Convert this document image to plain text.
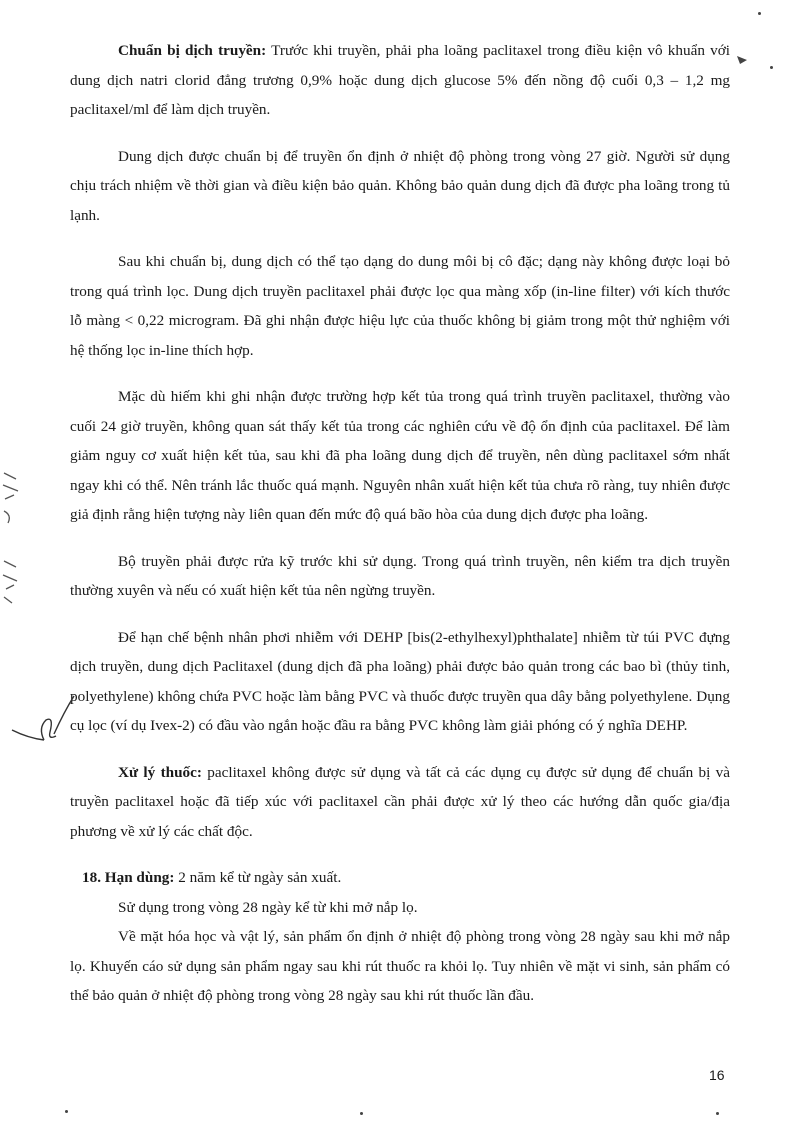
Chuẩn bị dịch truyền: Trước khi truyền, phải pha loãng paclitaxel trong điều kiện vô khuẩn với dung dịch natri clorid đẳng trương 0,9% hoặc dung dịch glucose 5% đến nồng độ cuối 0,3 – 1,2 mg paclitaxel/ml để làm dịch truyền.

Dung dịch được chuẩn bị để truyền ổn định ở nhiệt độ phòng trong vòng 27 giờ. Người sử dụng chịu trách nhiệm về thời gian và điều kiện bảo quản. Không bảo quản dung dịch đã được pha loãng trong tủ lạnh.

Sau khi chuẩn bị, dung dịch có thể tạo dạng do dung môi bị cô đặc; dạng này không được loại bỏ trong quá trình lọc. Dung dịch truyền paclitaxel phải được lọc qua màng xốp (in-line filter) với kích thước lỗ màng < 0,22 microgram. Đã ghi nhận được hiệu lực của thuốc không bị giảm trong một thử nghiệm với hệ thống lọc in-line thích hợp.

Mặc dù hiếm khi ghi nhận được trường hợp kết tủa trong quá trình truyền paclitaxel, thường vào cuối 24 giờ truyền, không quan sát thấy kết tủa trong các nghiên cứu về độ ổn định của paclitaxel. Để làm giảm nguy cơ xuất hiện kết tủa, sau khi đã pha loãng dung dịch để truyền, nên dùng paclitaxel sớm nhất ngay khi có thể. Nên tránh lắc thuốc quá mạnh. Nguyên nhân xuất hiện kết tủa chưa rõ ràng, tuy nhiên được giả định rằng hiện tượng này liên quan đến mức độ quá bão hòa của dung dịch được pha loãng.

Bộ truyền phải được rửa kỹ trước khi sử dụng. Trong quá trình truyền, nên kiểm tra dịch truyền thường xuyên và nếu có xuất hiện kết tủa nên ngừng truyền.

Để hạn chế bệnh nhân phơi nhiễm với DEHP [bis(2-ethylhexyl)phthalate] nhiễm từ túi PVC đựng dịch truyền, dung dịch Paclitaxel (dung dịch đã pha loãng) phải được bảo quản trong các bao bì (thủy tinh, polyethylene) không chứa PVC hoặc làm bằng PVC và thuốc được truyền qua dây bằng polyethylene. Dụng cụ lọc (ví dụ Ivex-2) có đầu vào ngắn hoặc đầu ra bằng PVC không làm giải phóng có ý nghĩa DEHP.

Xử lý thuốc: paclitaxel không được sử dụng và tất cả các dụng cụ được sử dụng để chuẩn bị và truyền paclitaxel hoặc đã tiếp xúc với paclitaxel cần phải được xử lý theo các hướng dẫn quốc gia/địa phương về xử lý các chất độc.

18. Hạn dùng: 2 năm kể từ ngày sản xuất.

Sử dụng trong vòng 28 ngày kể từ khi mở nắp lọ.

Về mặt hóa học và vật lý, sản phẩm ổn định ở nhiệt độ phòng trong vòng 28 ngày sau khi mở nắp lọ. Khuyến cáo sử dụng sản phẩm ngay sau khi rút thuốc ra khỏi lọ. Tuy nhiên về mặt vi sinh, sản phẩm có thể bảo quản ở nhiệt độ phòng trong vòng 28 ngày sau khi rút thuốc lần đầu.

16
